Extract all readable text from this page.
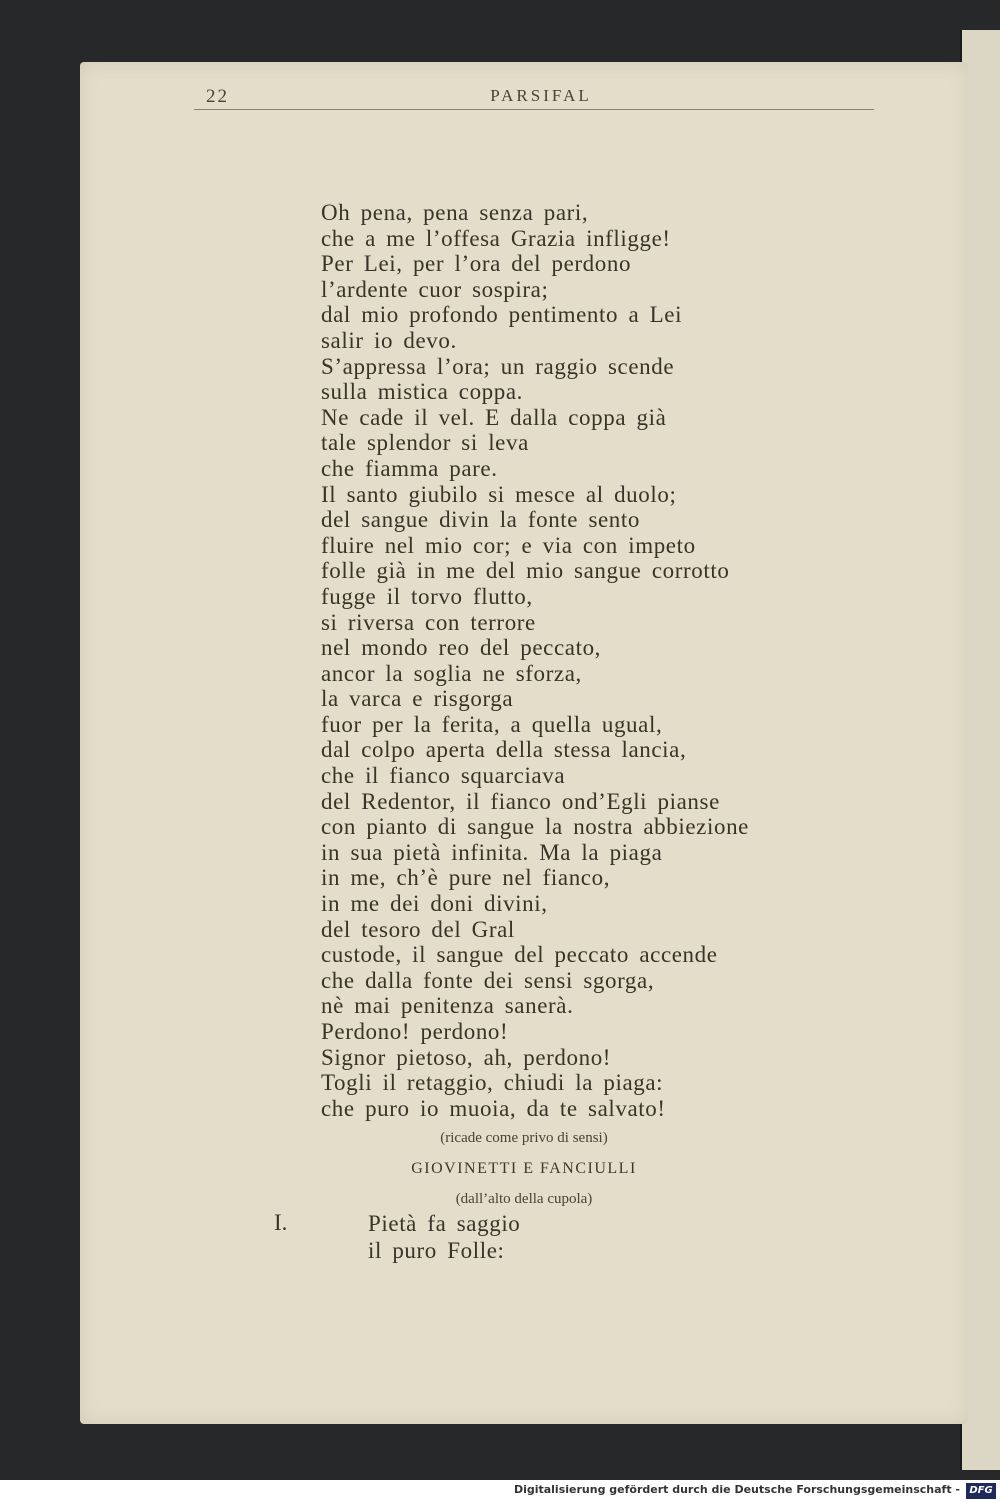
22	PARSIFAL
Oh pena, pena senza pari,
che a me l’offesa Grazia infligge!
Per Lei, per l’ora del perdono
l’ardente cuor sospira;
dal mio profondo pentimento a Lei
salir io devo.
S’appressa l’ora; un raggio scende
sulla mistica coppa.
Ne cade il vel. E dalla coppa già
tale splendor si leva
che fiamma pare.
Il santo giubilo si mesce al duolo;
del sangue divin la fonte sento
fluire nel mio cor; e via con impeto
folle già in me del mio sangue corrotto
fugge il torvo flutto,
si riversa con terrore
nel mondo reo del peccato,
ancor la soglia ne sforza,
la varca e risgorga
fuor per la ferita, a quella ugual,
dal colpo aperta della stessa lancia,
che il fianco squarciava
del Redentor, il fianco ond’Egli pianse
con pianto di sangue la nostra abbiezione
in sua pietà infinita. Ma la piaga
in me, ch’è pure nel fianco,
in me dei doni divini,
del tesoro del Gral
custode, il sangue del peccato accende
che dalla fonte dei sensi sgorga,
nè mai penitenza sanerà.
Perdono! perdono!
Signor pietoso, ah, perdono!
Togli il retaggio, chiudi la piaga:
che puro io muoia, da te salvato!
(ricade come privo di sensi)
GIOVINETTI E FANCIULLI
(dall’alto della cupola)
I.	Pietà fa saggio
il puro Folle:
Digitalisierung gefördert durch die Deutsche Forschungsgemeinschaft - DFG
